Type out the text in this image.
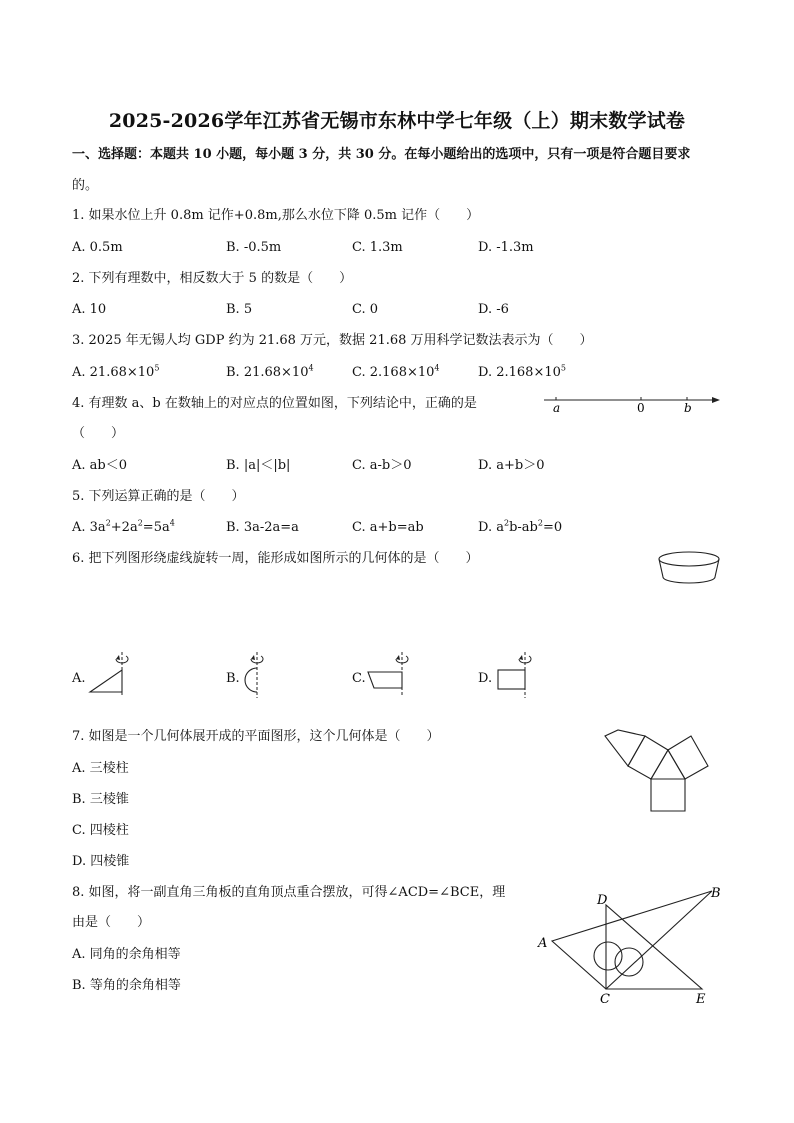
2025-2026学年江苏省无锡市东林中学七年级（上）期末数学试卷
一、选择题：本题共 10 小题，每小题 3 分，共 30 分。在每小题给出的选项中，只有一项是符合题目要求
的。
1. 如果水位上升 0.8m 记作+0.8m,那么水位下降 0.5m 记作（　　）
A. 0.5m	B. -0.5m	C. 1.3m	D. -1.3m
2. 下列有理数中，相反数大于 5 的数是（　　）
A. 10	B. 5	C. 0	D. -6
3. 2025 年无锡人均 GDP 约为 21.68 万元，数据 21.68 万用科学记数法表示为（　　）
A. $21.68\times 10^5$	B. $21.68\times 10^4$	C. $2.168\times 10^4$	D. $2.168\times 10^5$
4. 有理数 a、b 在数轴上的对应点的位置如图，下列结论中，正确的是
（　　）
a	0	b
A. ab＜0	B. |a|＜|b|	C. a-b＞0	D. a+b＞0
5. 下列运算正确的是（　　）
A. $3a^2+2a^2=5a^4$	B. 3a-2a=a	C. a+b=ab	D. $a^2b-ab^2=0$
6. 把下列图形绕虚线旋转一周，能形成如图所示的几何体的是（　　）
A.	B.	C.	D.
7. 如图是一个几何体展开成的平面图形，这个几何体是（　　）
A. 三棱柱
B. 三棱锥
C. 四棱柱
D. 四棱锥
8. 如图，将一副直角三角板的直角顶点重合摆放，可得∠ACD=∠BCE，理
由是（　　）
A. 同角的余角相等
B. 等角的余角相等
A
B
C
D
E
